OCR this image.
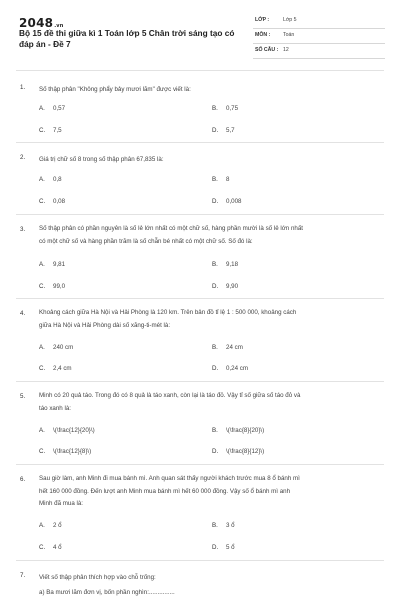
2048.vn
Bộ 15 đề thi giữa kì 1 Toán lớp 5 Chân trời sáng tạo có đáp án - Đề 7
LỚP :	Lớp 5
MÔN : Toán
SỐ CÂU : 12
1. Số thập phân "Không phẩy bảy mươi lăm" được viết là:
A. 0,57	B. 0,75
C. 7,5	D. 5,7
2. Giá trị chữ số 8 trong số thập phân 67,835 là:
A. 0,8	B. 8
C. 0,08	D. 0,008
3. Số thập phân có phần nguyên là số lẻ lớn nhất có một chữ số, hàng phần mười là số lẻ lớn nhất
có một chữ số và hàng phần trăm là số chẵn bé nhất có một chữ số. Số đó là:
A. 9,81	B. 9,18
C. 99,0	D. 9,90
4. Khoảng cách giữa Hà Nội và Hải Phòng là 120 km. Trên bản đồ tỉ lệ 1 : 500 000, khoảng cách
giữa Hà Nội và Hải Phòng dài số xăng-ti-mét là:
A. 240 cm	B. 24 cm
C. 2,4 cm	D. 0,24 cm
5. Minh có 20 quả táo. Trong đó có 8 quả là táo xanh, còn lại là táo đỏ. Vậy tỉ số giữa số táo đỏ và
táo xanh là:
A. \(\frac{12}{20}\)	B. \(\frac{8}{20}\)
C. \(\frac{12}{8}\)	D. \(\frac{8}{12}\)
6. Sau giờ làm, anh Minh đi mua bánh mì. Anh quan sát thấy người khách trước mua 8 ổ bánh mì
hết 160 000 đồng. Đến lượt anh Minh mua bánh mì hết 60 000 đồng. Vậy số ổ bánh mì anh
Minh đã mua là:
A. 2 ổ	B. 3 ổ
C. 4 ổ	D. 5 ổ
7. Viết số thập phân thích hợp vào chỗ trống:
a) Ba mươi lăm đơn vị, bốn phần nghìn:...............
